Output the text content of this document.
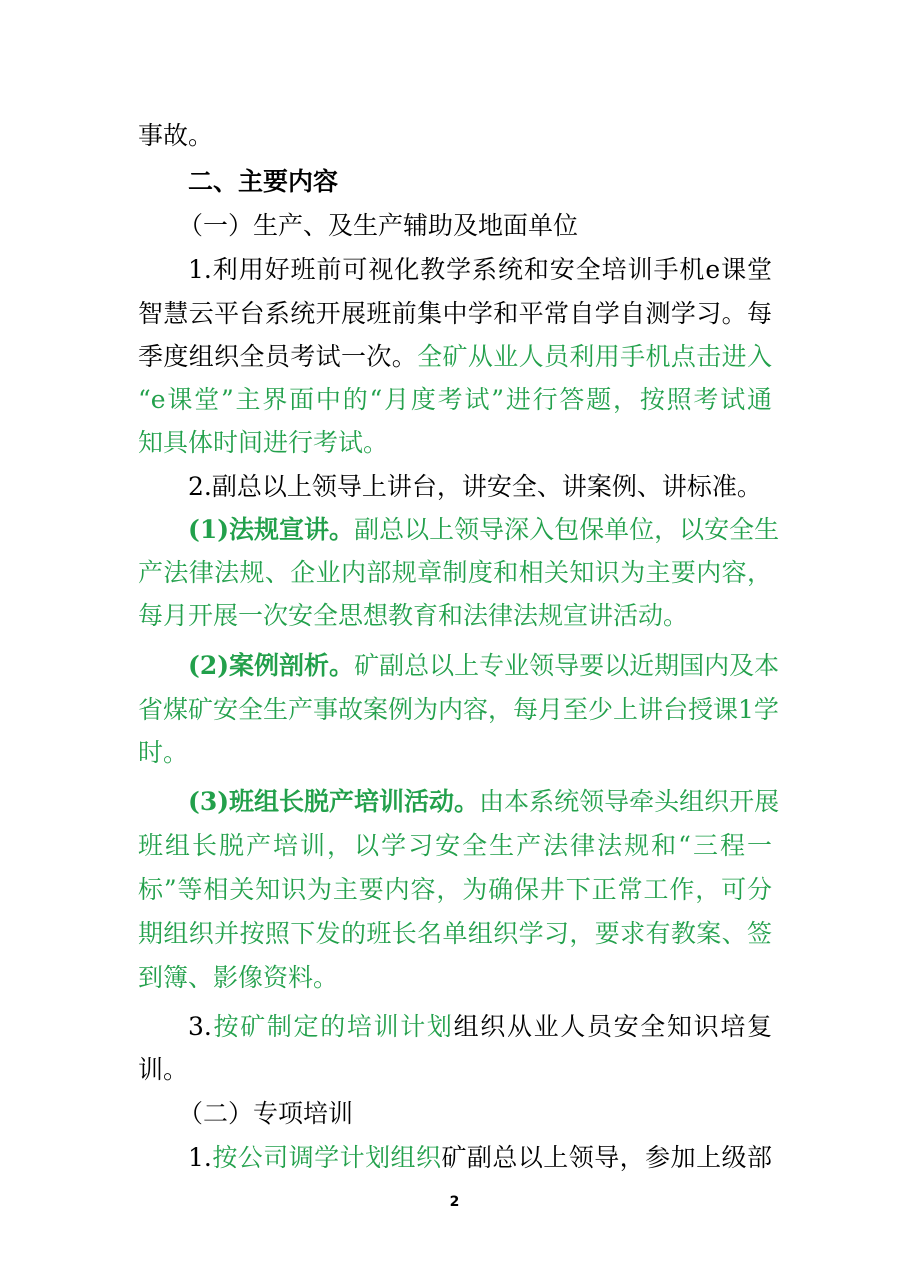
事故。
二、主要内容
（一）生产、及生产辅助及地面单位
1.利用好班前可视化教学系统和安全培训手机e课堂
智慧云平台系统开展班前集中学和平常自学自测学习。每
季度组织全员考试一次。全矿从业人员利用手机点击进入
“e课堂”主界面中的“月度考试”进行答题，按照考试通
知具体时间进行考试。
2.副总以上领导上讲台，讲安全、讲案例、讲标准。
(1)法规宣讲。副总以上领导深入包保单位，以安全生
产法律法规、企业内部规章制度和相关知识为主要内容，
每月开展一次安全思想教育和法律法规宣讲活动。
(2)案例剖析。矿副总以上专业领导要以近期国内及本
省煤矿安全生产事故案例为内容，每月至少上讲台授课1学
时。
(3)班组长脱产培训活动。由本系统领导牵头组织开展
班组长脱产培训，以学习安全生产法律法规和“三程一
标”等相关知识为主要内容，为确保井下正常工作，可分
期组织并按照下发的班长名单组织学习，要求有教案、签
到簿、影像资料。
3.按矿制定的培训计划组织从业人员安全知识培复
训。
（二）专项培训
1.按公司调学计划组织矿副总以上领导，参加上级部
2
